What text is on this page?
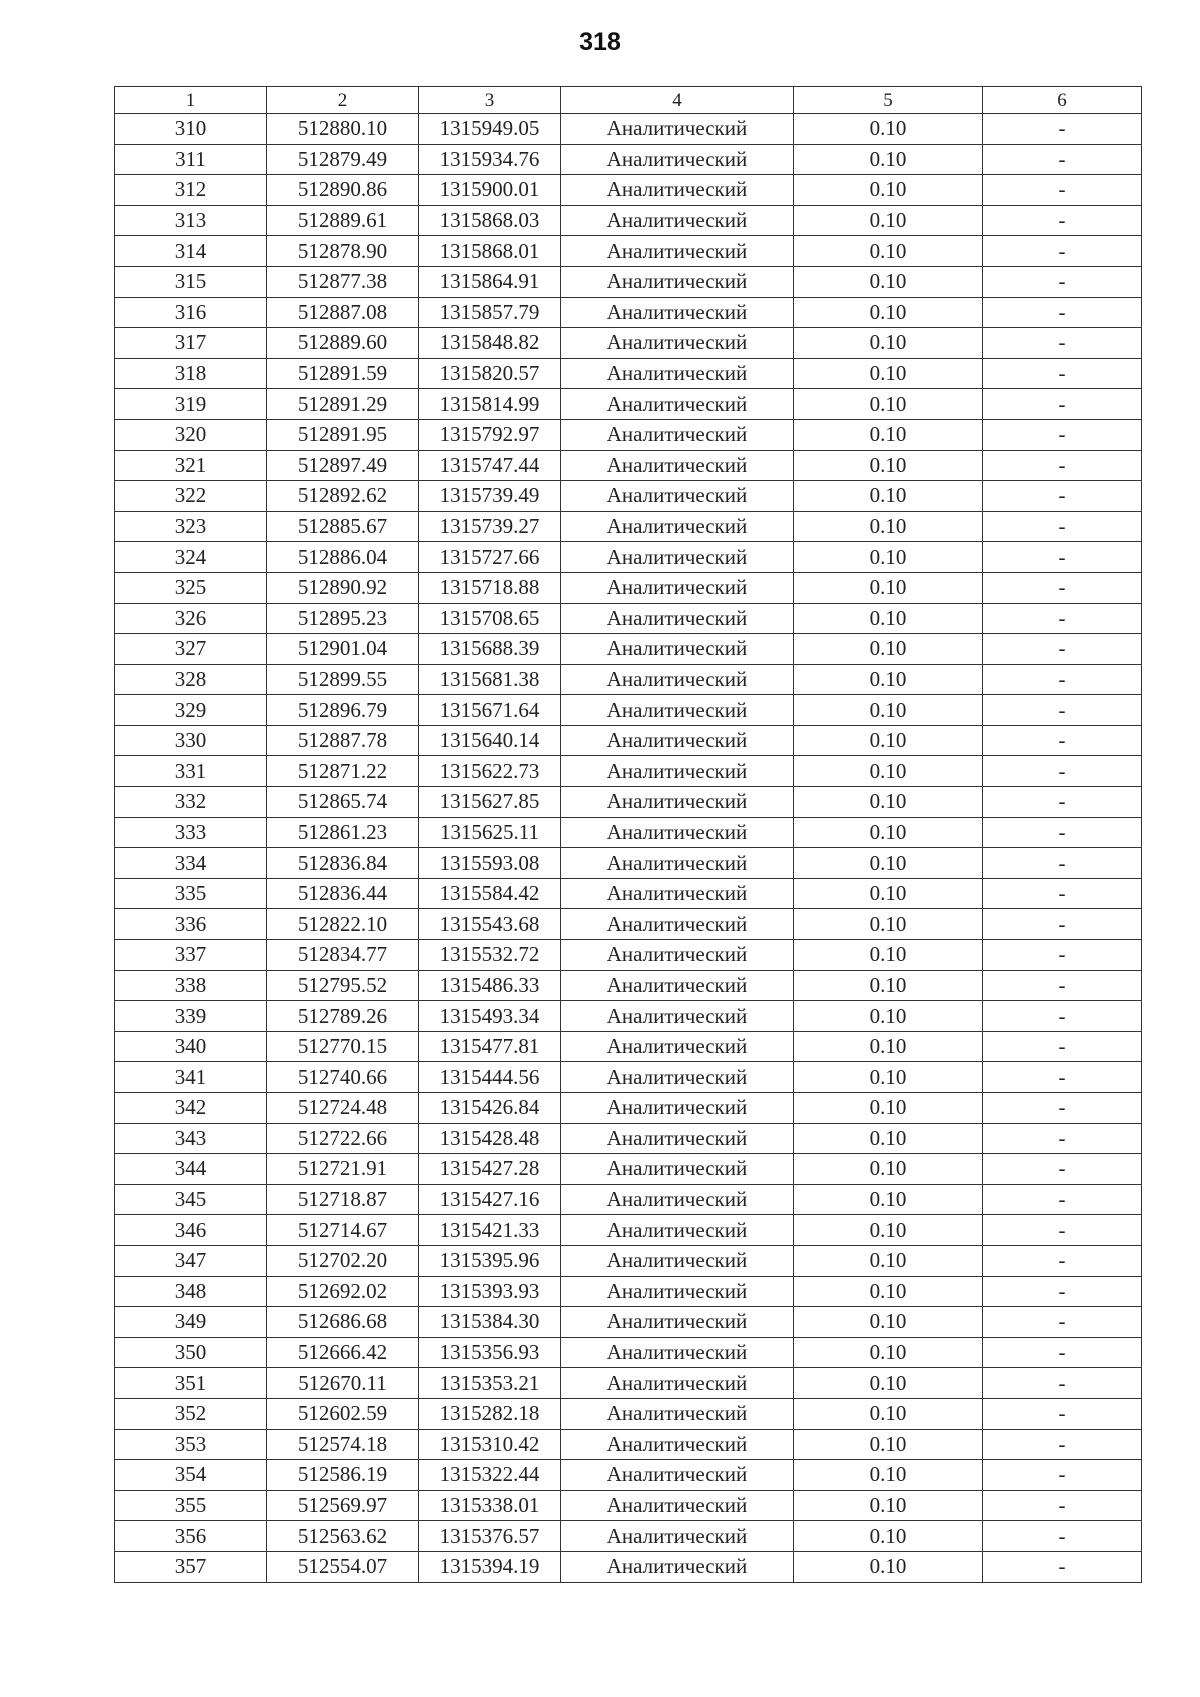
318
1	2	3	4	5	6
310	512880.10	1315949.05	Аналитический	0.10	-
311	512879.49	1315934.76	Аналитический	0.10	-
312	512890.86	1315900.01	Аналитический	0.10	-
313	512889.61	1315868.03	Аналитический	0.10	-
314	512878.90	1315868.01	Аналитический	0.10	-
315	512877.38	1315864.91	Аналитический	0.10	-
316	512887.08	1315857.79	Аналитический	0.10	-
317	512889.60	1315848.82	Аналитический	0.10	-
318	512891.59	1315820.57	Аналитический	0.10	-
319	512891.29	1315814.99	Аналитический	0.10	-
320	512891.95	1315792.97	Аналитический	0.10	-
321	512897.49	1315747.44	Аналитический	0.10	-
322	512892.62	1315739.49	Аналитический	0.10	-
323	512885.67	1315739.27	Аналитический	0.10	-
324	512886.04	1315727.66	Аналитический	0.10	-
325	512890.92	1315718.88	Аналитический	0.10	-
326	512895.23	1315708.65	Аналитический	0.10	-
327	512901.04	1315688.39	Аналитический	0.10	-
328	512899.55	1315681.38	Аналитический	0.10	-
329	512896.79	1315671.64	Аналитический	0.10	-
330	512887.78	1315640.14	Аналитический	0.10	-
331	512871.22	1315622.73	Аналитический	0.10	-
332	512865.74	1315627.85	Аналитический	0.10	-
333	512861.23	1315625.11	Аналитический	0.10	-
334	512836.84	1315593.08	Аналитический	0.10	-
335	512836.44	1315584.42	Аналитический	0.10	-
336	512822.10	1315543.68	Аналитический	0.10	-
337	512834.77	1315532.72	Аналитический	0.10	-
338	512795.52	1315486.33	Аналитический	0.10	-
339	512789.26	1315493.34	Аналитический	0.10	-
340	512770.15	1315477.81	Аналитический	0.10	-
341	512740.66	1315444.56	Аналитический	0.10	-
342	512724.48	1315426.84	Аналитический	0.10	-
343	512722.66	1315428.48	Аналитический	0.10	-
344	512721.91	1315427.28	Аналитический	0.10	-
345	512718.87	1315427.16	Аналитический	0.10	-
346	512714.67	1315421.33	Аналитический	0.10	-
347	512702.20	1315395.96	Аналитический	0.10	-
348	512692.02	1315393.93	Аналитический	0.10	-
349	512686.68	1315384.30	Аналитический	0.10	-
350	512666.42	1315356.93	Аналитический	0.10	-
351	512670.11	1315353.21	Аналитический	0.10	-
352	512602.59	1315282.18	Аналитический	0.10	-
353	512574.18	1315310.42	Аналитический	0.10	-
354	512586.19	1315322.44	Аналитический	0.10	-
355	512569.97	1315338.01	Аналитический	0.10	-
356	512563.62	1315376.57	Аналитический	0.10	-
357	512554.07	1315394.19	Аналитический	0.10	-
